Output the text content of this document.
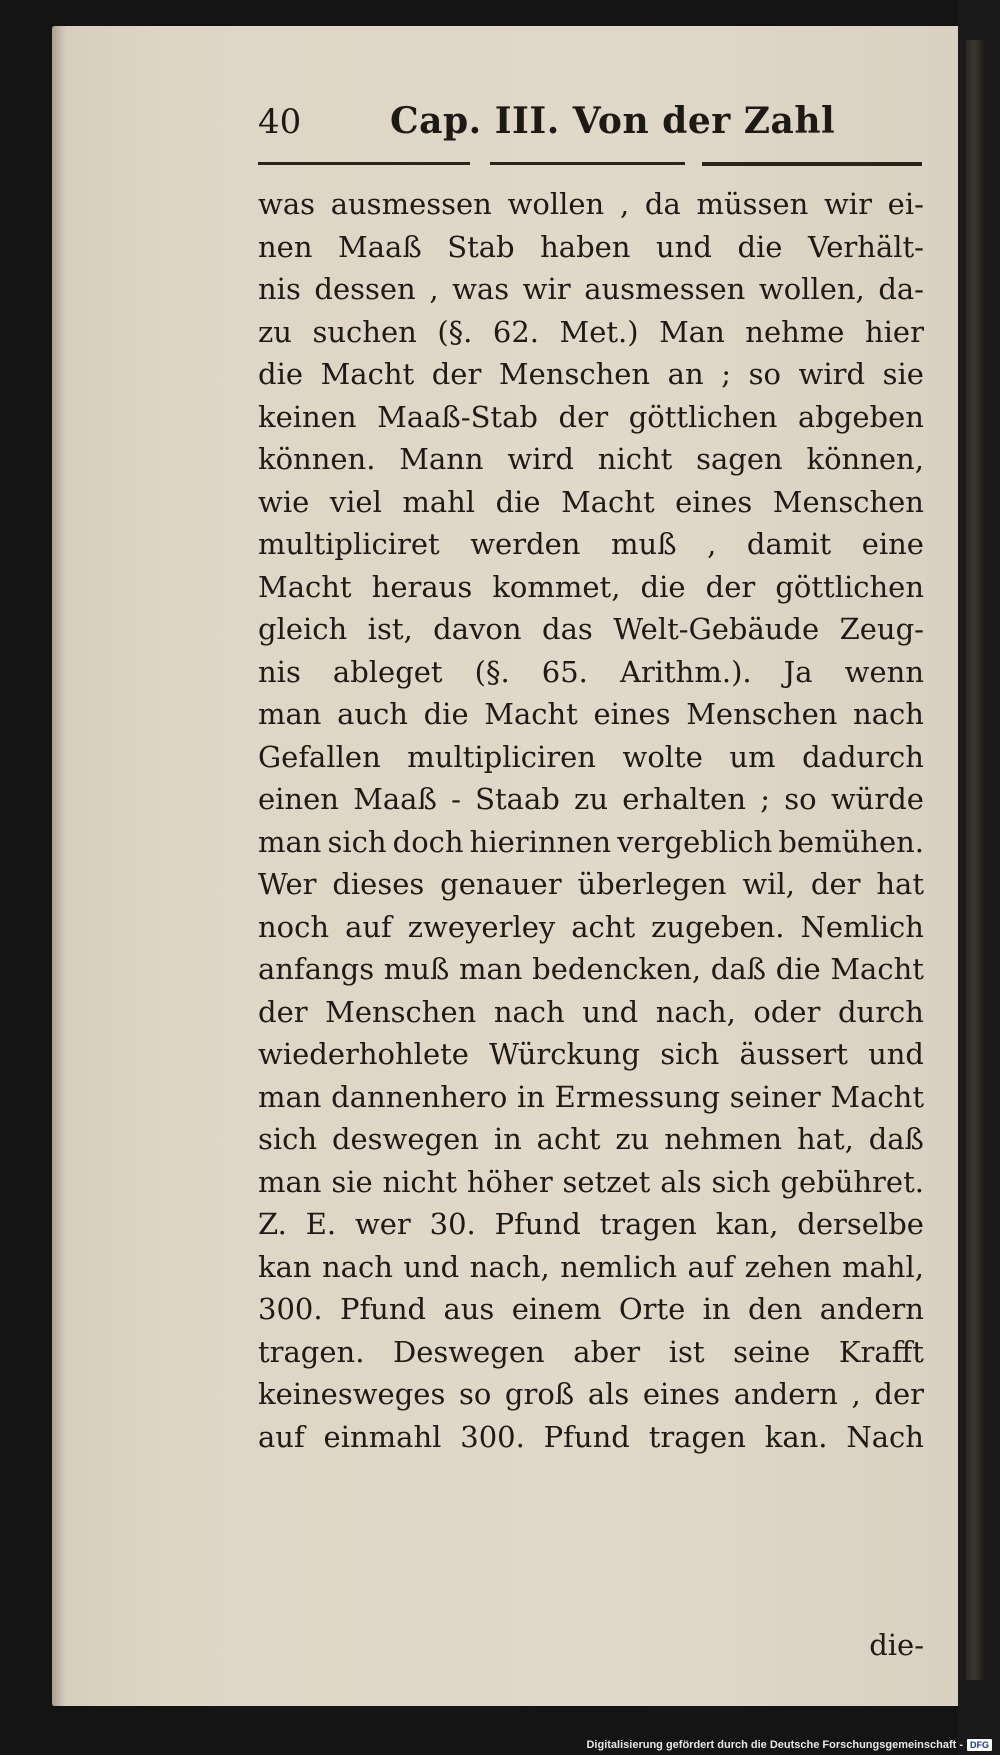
40 Cap. III. Von der Zahl
was ausmessen wollen , da müssen wir ei-
nen Maaß Stab haben und die Verhält-
nis dessen , was wir ausmessen wollen, da-
zu suchen (§. 62. Met.) Man nehme hier
die Macht der Menschen an ; so wird sie
keinen Maaß-Stab der göttlichen abgeben
können. Mann wird nicht sagen können,
wie viel mahl die Macht eines Menschen
multipliciret werden muß , damit eine
Macht heraus kommet, die der göttlichen
gleich ist, davon das Welt-Gebäude Zeug-
nis ableget (§. 65. Arithm.). Ja wenn
man auch die Macht eines Menschen nach
Gefallen multipliciren wolte um dadurch
einen Maaß - Staab zu erhalten ; so würde
man sich doch hierinnen vergeblich bemühen.
Wer dieses genauer überlegen wil, der hat
noch auf zweyerley acht zugeben. Nemlich
anfangs muß man bedencken, daß die Macht
der Menschen nach und nach, oder durch
wiederhohlete Würckung sich äussert und
man dannenhero in Ermessung seiner Macht
sich deswegen in acht zu nehmen hat, daß
man sie nicht höher setzet als sich gebühret.
Z. E. wer 30. Pfund tragen kan, derselbe
kan nach und nach, nemlich auf zehen mahl,
300. Pfund aus einem Orte in den andern
tragen. Deswegen aber ist seine Krafft
keinesweges so groß als eines andern , der
auf einmahl 300. Pfund tragen kan. Nach
die-
Digitalisierung gefördert durch die Deutsche Forschungsgemeinschaft - DFG
